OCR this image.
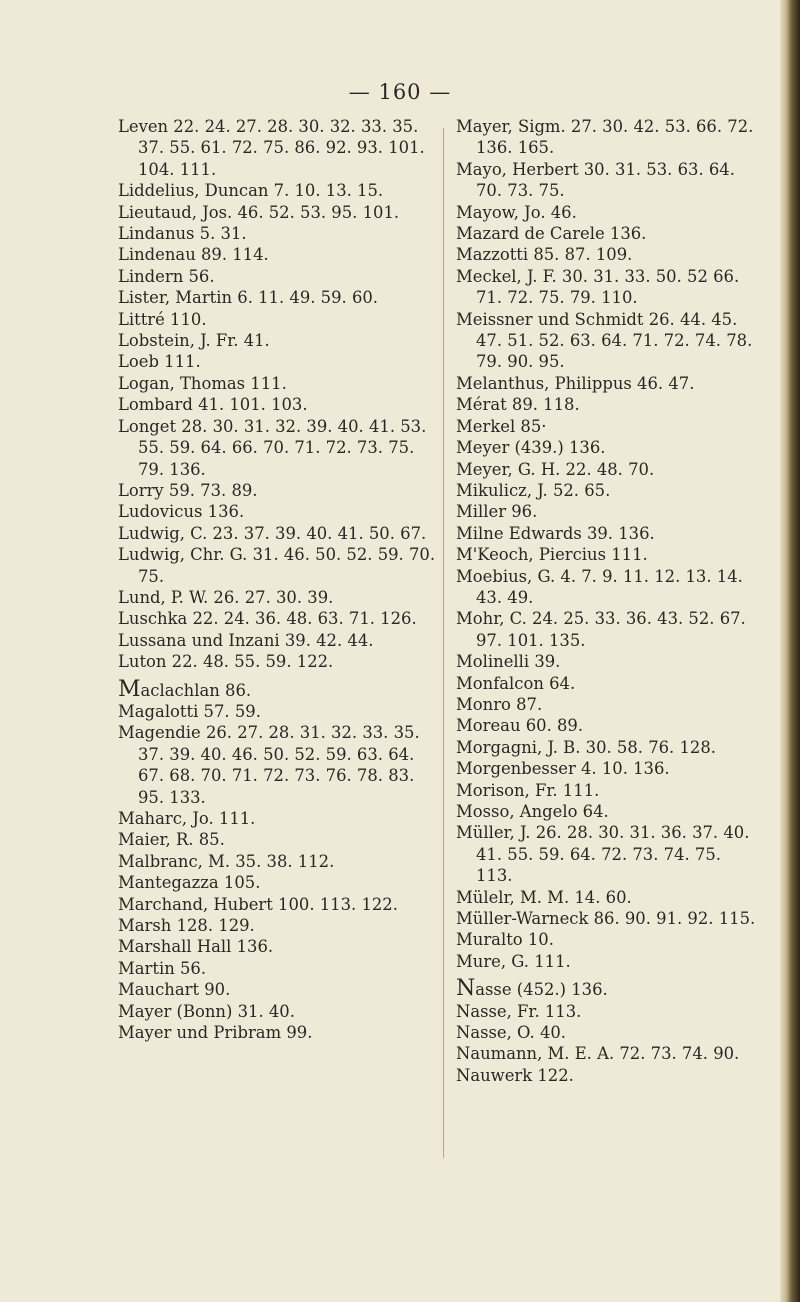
— 160 —
Leven 22. 24. 27. 28. 30. 32. 33. 35. 37. 55. 61. 72. 75. 86. 92. 93. 101. 104. 111.
Liddelius, Duncan 7. 10. 13. 15.
Lieutaud, Jos. 46. 52. 53. 95. 101.
Lindanus 5. 31.
Lindenau 89. 114.
Lindern 56.
Lister, Martin 6. 11. 49. 59. 60.
Littré 110.
Lobstein, J. Fr. 41.
Loeb 111.
Logan, Thomas 111.
Lombard 41. 101. 103.
Longet 28. 30. 31. 32. 39. 40. 41. 53. 55. 59. 64. 66. 70. 71. 72. 73. 75. 79. 136.
Lorry 59. 73. 89.
Ludovicus 136.
Ludwig, C. 23. 37. 39. 40. 41. 50. 67.
Ludwig, Chr. G. 31. 46. 50. 52. 59. 70. 75.
Lund, P. W. 26. 27. 30. 39.
Luschka 22. 24. 36. 48. 63. 71. 126.
Lussana und Inzani 39. 42. 44.
Luton 22. 48. 55. 59. 122.
Maclachlan 86.
Magalotti 57. 59.
Magendie 26. 27. 28. 31. 32. 33. 35. 37. 39. 40. 46. 50. 52. 59. 63. 64. 67. 68. 70. 71. 72. 73. 76. 78. 83. 95. 133.
Maharc, Jo. 111.
Maier, R. 85.
Malbranc, M. 35. 38. 112.
Mantegazza 105.
Marchand, Hubert 100. 113. 122.
Marsh 128. 129.
Marshall Hall 136.
Martin 56.
Mauchart 90.
Mayer (Bonn) 31. 40.
Mayer und Pribram 99.
Mayer, Sigm. 27. 30. 42. 53. 66. 72. 136. 165.
Mayo, Herbert 30. 31. 53. 63. 64. 70. 73. 75.
Mayow, Jo. 46.
Mazard de Carele 136.
Mazzotti 85. 87. 109.
Meckel, J. F. 30. 31. 33. 50. 52 66. 71. 72. 75. 79. 110.
Meissner und Schmidt 26. 44. 45. 47. 51. 52. 63. 64. 71. 72. 74. 78. 79. 90. 95.
Melanthus, Philippus 46. 47.
Mérat 89. 118.
Merkel 85·
Meyer (439.) 136.
Meyer, G. H. 22. 48. 70.
Mikulicz, J. 52. 65.
Miller 96.
Milne Edwards 39. 136.
M'Keoch, Piercius 111.
Moebius, G. 4. 7. 9. 11. 12. 13. 14. 43. 49.
Mohr, C. 24. 25. 33. 36. 43. 52. 67. 97. 101. 135.
Molinelli 39.
Monfalcon 64.
Monro 87.
Moreau 60. 89.
Morgagni, J. B. 30. 58. 76. 128.
Morgenbesser 4. 10. 136.
Morison, Fr. 111.
Mosso, Angelo 64.
Müller, J. 26. 28. 30. 31. 36. 37. 40. 41. 55. 59. 64. 72. 73. 74. 75. 113.
Mülelr, M. M. 14. 60.
Müller-Warneck 86. 90. 91. 92. 115.
Muralto 10.
Mure, G. 111.
Nasse (452.) 136.
Nasse, Fr. 113.
Nasse, O. 40.
Naumann, M. E. A. 72. 73. 74. 90.
Nauwerk 122.
